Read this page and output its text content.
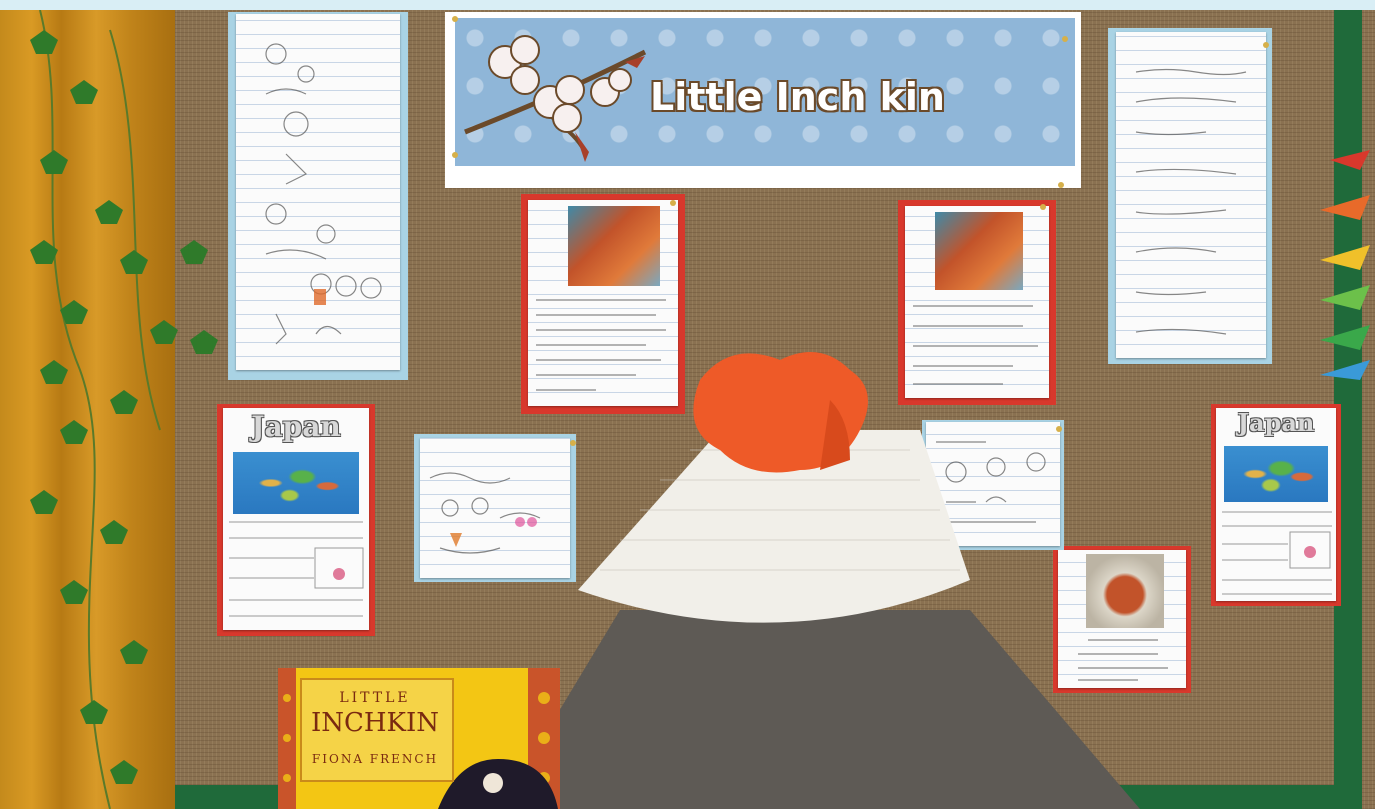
Little Inch kin
Japan	Japan
LITTLE
INCHKIN
FIONA FRENCH
